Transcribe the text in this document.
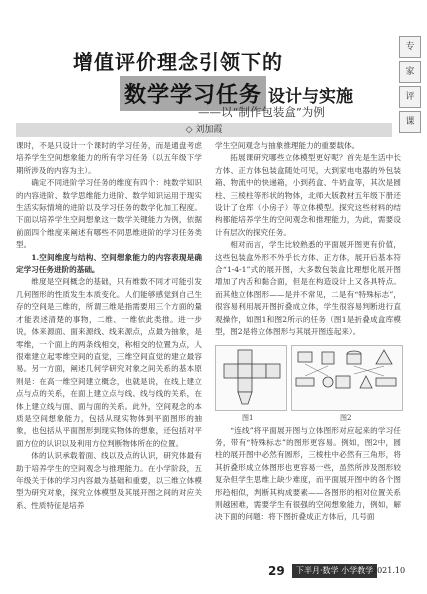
增值评价理念引领下的
数学学习任务 设计与实施
——以“制作包装盒”为例
◇ 刘加霞
专
家
评
课

课时，不是只设计一个课时的学习任务，而是通盘考虑培养学生空间想象能力的所有学习任务（以五年级下学期所涉及的内容为主）。

确定不同进阶学习任务的维度有四个：纯数学知识的内容进阶、数学思维能力进阶、数学知识运用于现实生活实际情境的进阶以及学习任务的数学化加工程度。下面以培养学生空间想象这一数学关键能力为例，依据前面四个维度来阐述有哪些不同思维进阶的学习任务类型。

1.空间维度与结构、空间想象能力的内容表现是确定学习任务进阶的基础。

维度是空间概念的基础，只有维数不同才可能引发几何图形的性质发生本质变化。人们能够感觉到自己生存的空间是三维的，所谓三维是指需要用三个方面的量才能表述清楚的事物，二维、一维依此类推。进一步说，体来源面、面来源线、线来源点，点最为抽象，是零维，一个面上的两条线相交，称相交的位置为点，人很难建立起零维空间的直觉，三维空间直觉的建立最容易。另一方面，阐述几何学研究对象之间关系的基本原则是：在高一维空间建立概念，也就是说，在线上建立点与点的关系，在面上建立点与线、线与线的关系，在体上建立线与面、面与面的关系。此外，空间观念的本质是空间想象能力，包括从现实物体到平面图形的抽象，也包括从平面图形到现实物体的想象，还包括对平面方位的认识以及利用方位判断物体所在的位置。

体的认识承载着面、线以及点的认识，研究体最有助于培养学生的空间观念与推理能力。在小学阶段，五年级关于体的学习内容最为基础和重要，以三维立体模型为研究对象，探究立体模型及其展开图之间的对应关系、性质特征是培养

学生空间观念与抽象推理能力的重要载体。

拓展课研究哪些立体模型更好呢？首先是生活中长方体、正方体包装盒随处可见，大到家电电器的外包装箱、物流中的快递箱，小到药盒、牛奶盒等，其次是圆柱、三棱柱等形状的物体，北师大版教材五年级下册还设计了仓库（小房子）等立体模型。探究这些材料的结构都能培养学生的空间观念和推理能力，为此，需要设计有层次的探究任务。

相对而言，学生比较熟悉的平面展开图更有价值，这些包装盒外形不外乎长方体、正方体，展开后基本符合“1-4-1”式的展开图，大多数包装盒比理想化展开图增加了内舌和黏合面，但是在构造设计上又各具特点。而其他立体图形——是并不常见，二是有“特殊标志”，很容易利用展开图折叠成立体，学生很容易判断进行直观操作，如图1和图2所示的任务（图1是折叠成盒库模型，图2是将立体图形与其展开图连起来）。

图1	图2

“连线”将平面展开图与立体图形对应起来的学习任务，带有“特殊标志”的图形更容易。例如，图2中，圆柱的展开图中必然有圆形，三棱柱中必然有三角形，将其折叠形成立体图形也更容易一些，虽然所涉及图形较复杂但学生思维上缺少难度，而平面展开图中的各个图形趋相似，判断其构成要素——各图形的相对位置关系则越困难，需要学生有很强的空间想象能力，例如，解决下面的问题：将下图折叠成正方体后，几号面

29	下半月·数学 小学教学
2021.10
